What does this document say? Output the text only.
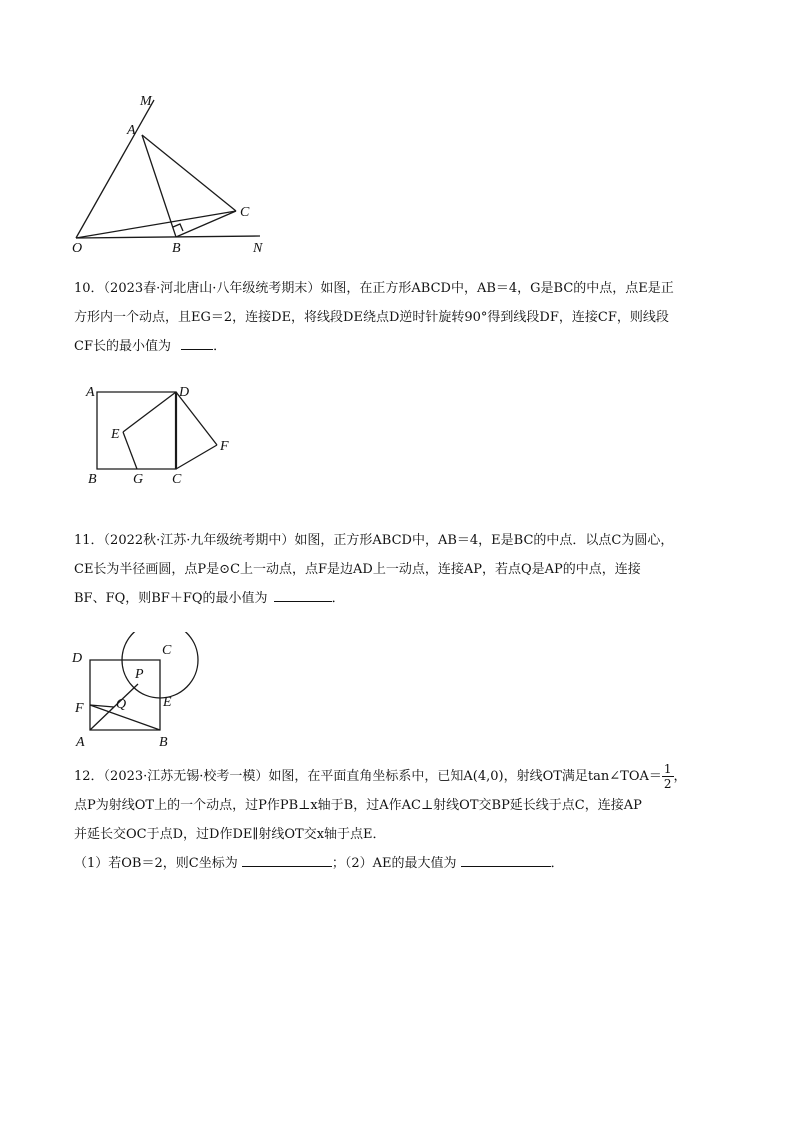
M
A
C
O	B	N
10．（2023春·河北唐山·八年级统考期末）如图，在正方形ABCD中，AB＝4，G是BC的中点，点E是正
方形内一个动点，且EG＝2，连接DE，将线段DE绕点D逆时针旋转90°得到线段DF，连接CF，则线段
CF长的最小值为	．
A	D
E
F
B	G C
11．（2022秋·江苏·九年级统考期中）如图，正方形ABCD中，AB＝4，E是BC的中点．以点C为圆心，
CE长为半径画圆，点P是⊙C上一动点，点F是边AD上一动点，连接AP，若点Q是AP的中点，连接
BF、FQ，则BF＋FQ的最小值为	．
D
C
P
F Q	E
A	B
12．（2023·江苏无锡·校考一模）如图，在平面直角坐标系中，已知A(4,0)，射线OT满足tan∠TOA＝ $\frac{1}{2}$ ，
点P为射线OT上的一个动点，过P作PB⊥x轴于B，过A作AC⊥射线OT交BP延长线于点C，连接AP
并延长交OC于点D，过D作DE∥射线OT交x轴于点E．
（1）若OB＝2，则C坐标为	；（2）AE的最大值为	．
